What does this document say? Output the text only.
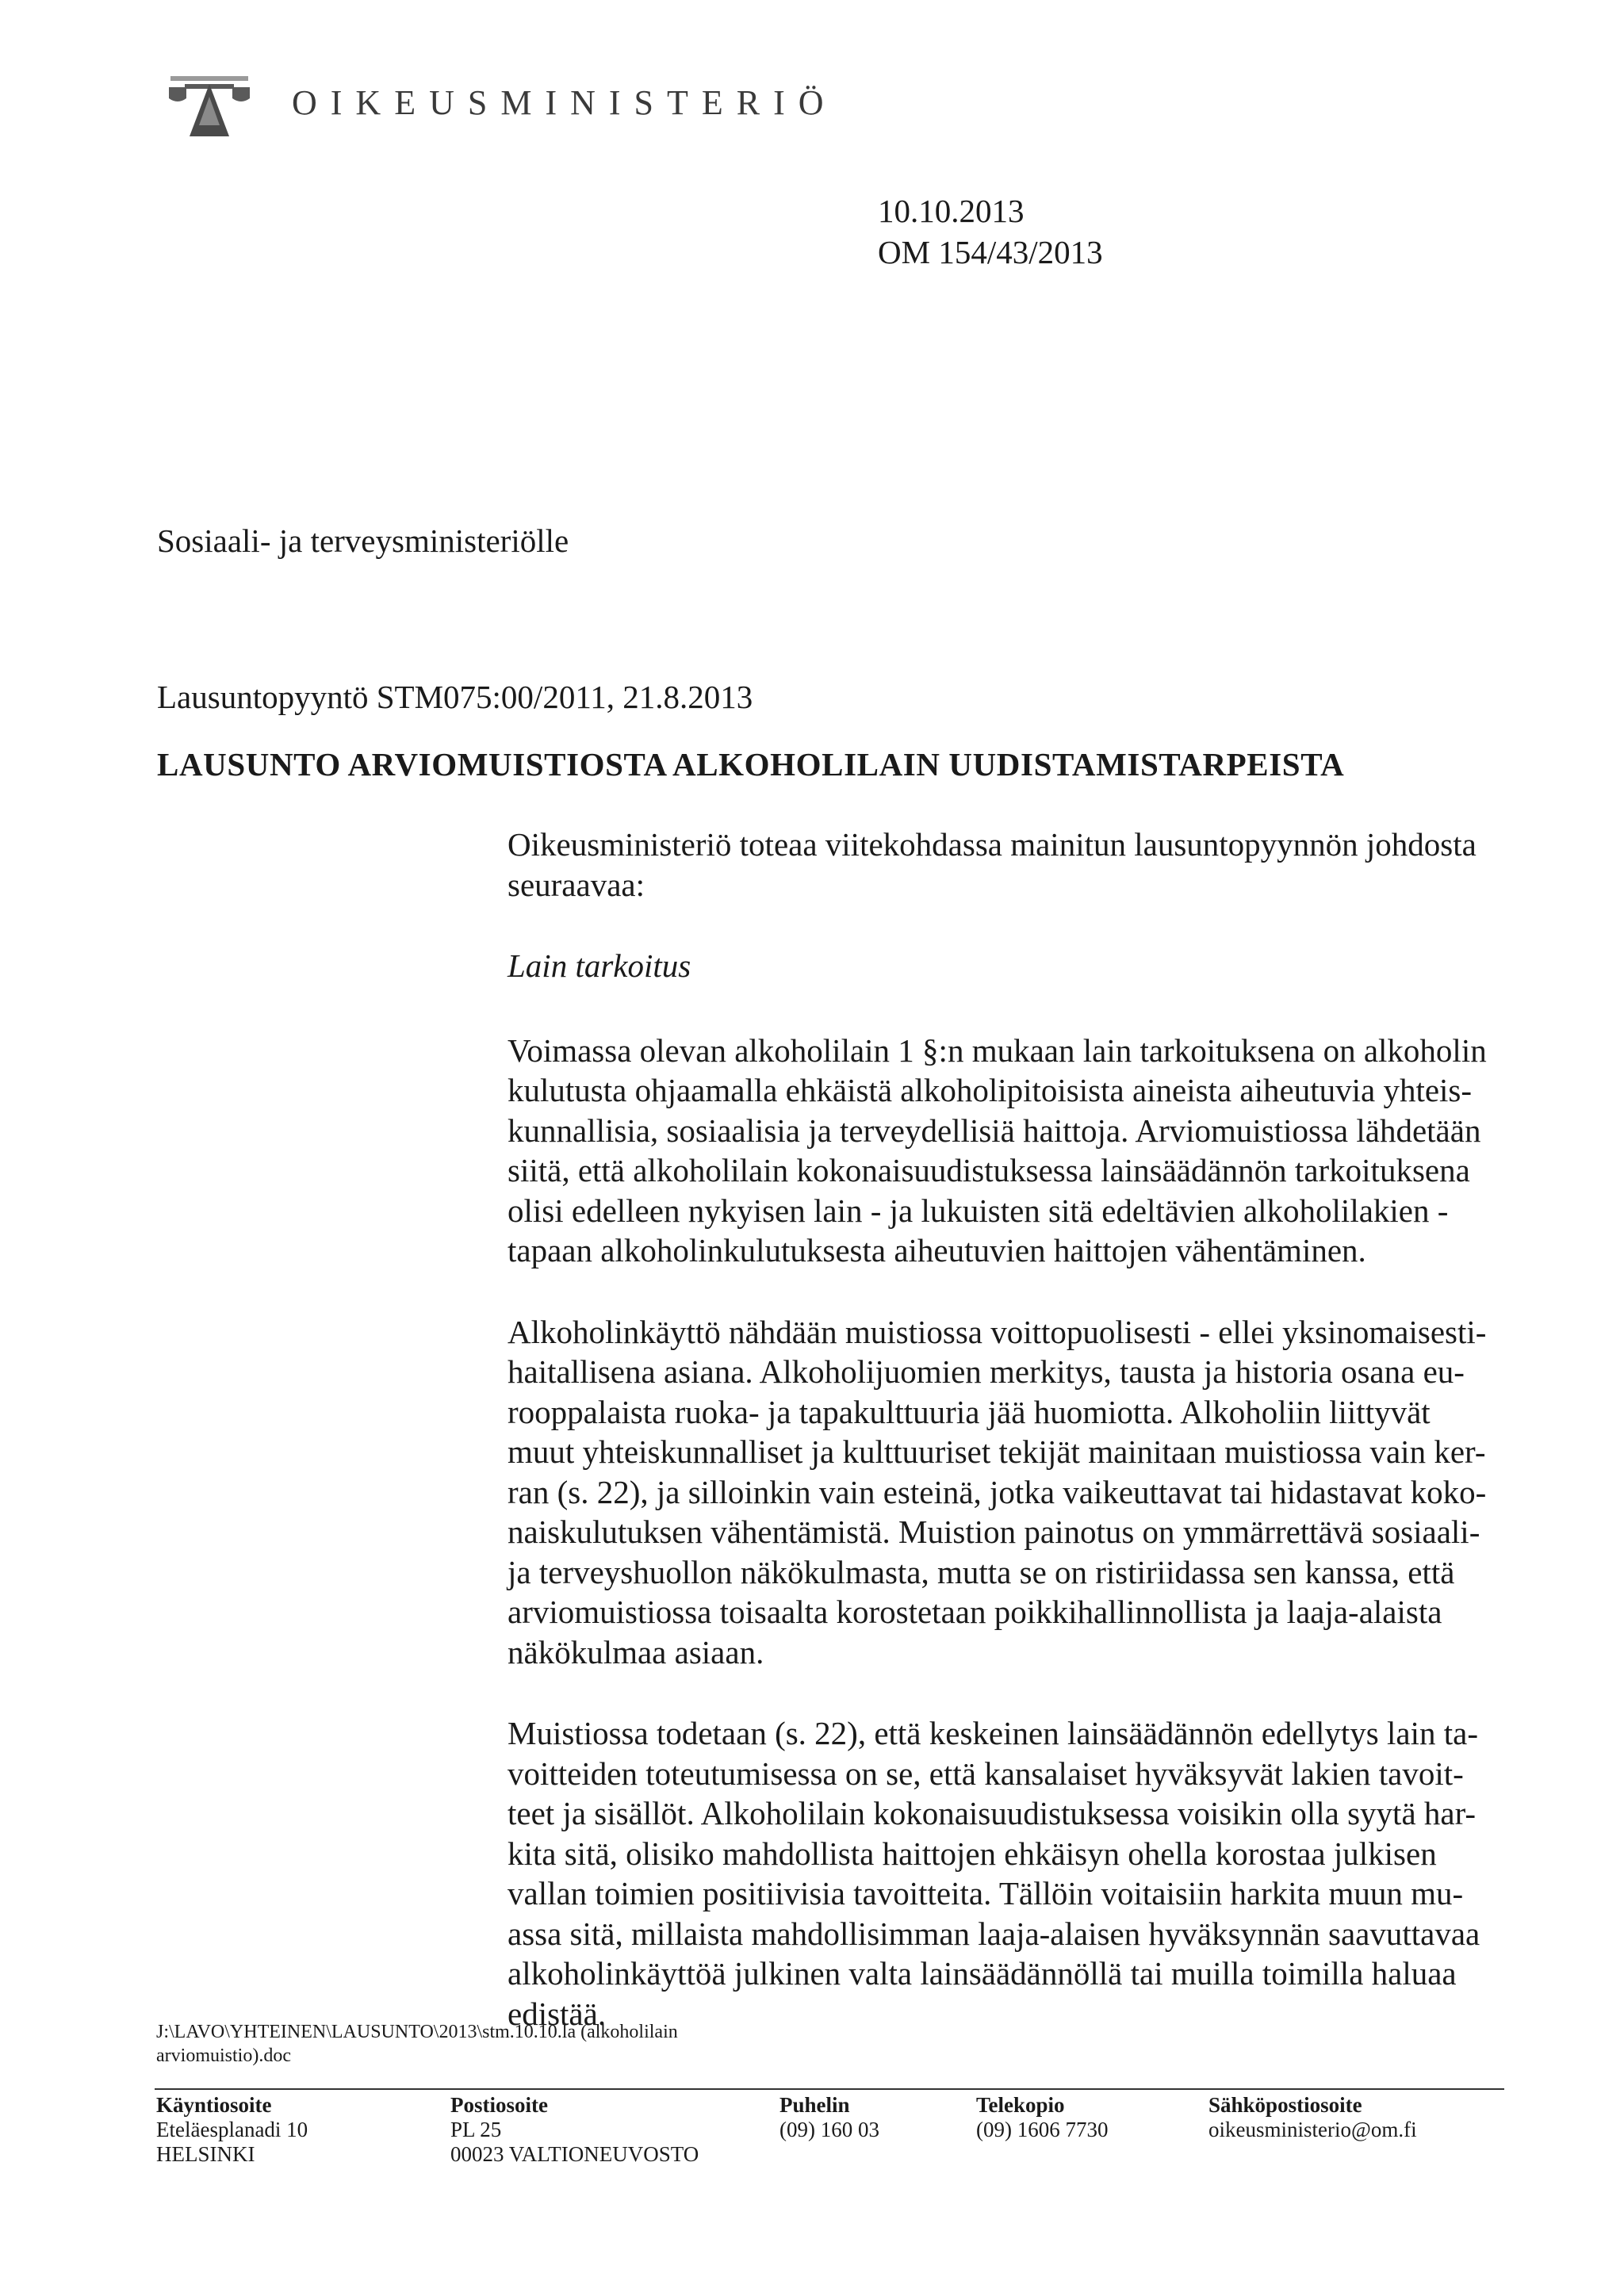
OIKEUSMINISTERIÖ
10.10.2013
OM 154/43/2013
Sosiaali- ja terveysministeriölle
Lausuntopyyntö STM075:00/2011, 21.8.2013
LAUSUNTO ARVIOMUISTIOSTA ALKOHOLILAIN UUDISTAMISTARPEISTA

Oikeusministeriö toteaa viitekohdassa mainitun lausuntopyynnön johdosta
seuraavaa:

Lain tarkoitus

Voimassa olevan alkoholilain 1 §:n mukaan lain tarkoituksena on alkoholin
kulutusta ohjaamalla ehkäistä alkoholipitoisista aineista aiheutuvia yhteis-
kunnallisia, sosiaalisia ja terveydellisiä haittoja. Arviomuistiossa lähdetään
siitä, että alkoholilain kokonaisuudistuksessa lainsäädännön tarkoituksena
olisi edelleen nykyisen lain - ja lukuisten sitä edeltävien alkoholilakien -
tapaan alkoholinkulutuksesta aiheutuvien haittojen vähentäminen.

Alkoholinkäyttö nähdään muistiossa voittopuolisesti - ellei yksinomaisesti-
haitallisena asiana. Alkoholijuomien merkitys, tausta ja historia osana eu-
rooppalaista ruoka- ja tapakulttuuria jää huomiotta. Alkoholiin liittyvät
muut yhteiskunnalliset ja kulttuuriset tekijät mainitaan muistiossa vain ker-
ran (s. 22), ja silloinkin vain esteinä, jotka vaikeuttavat tai hidastavat koko-
naiskulutuksen vähentämistä. Muistion painotus on ymmärrettävä sosiaali-
ja terveyshuollon näkökulmasta, mutta se on ristiriidassa sen kanssa, että
arviomuistiossa toisaalta korostetaan poikkihallinnollista ja laaja-alaista
näkökulmaa asiaan.

Muistiossa todetaan (s. 22), että keskeinen lainsäädännön edellytys lain ta-
voitteiden toteutumisessa on se, että kansalaiset hyväksyvät lakien tavoit-
teet ja sisällöt. Alkoholilain kokonaisuudistuksessa voisikin olla syytä har-
kita sitä, olisiko mahdollista haittojen ehkäisyn ohella korostaa julkisen
vallan toimien positiivisia tavoitteita. Tällöin voitaisiin harkita muun mu-
assa sitä, millaista mahdollisimman laaja-alaisen hyväksynnän saavuttavaa
alkoholinkäyttöä julkinen valta lainsäädännöllä tai muilla toimilla haluaa
edistää.

J:\LAVO\YHTEINEN\LAUSUNTO\2013\stm.10.10.la (alkoholilain
arviomuistio).doc
Käyntiosoite
Eteläesplanadi 10
HELSINKI
Postiosoite
PL 25
00023 VALTIONEUVOSTO
Puhelin
(09) 160 03
Telekopio
(09) 1606 7730
Sähköpostiosoite
oikeusministerio@om.fi
